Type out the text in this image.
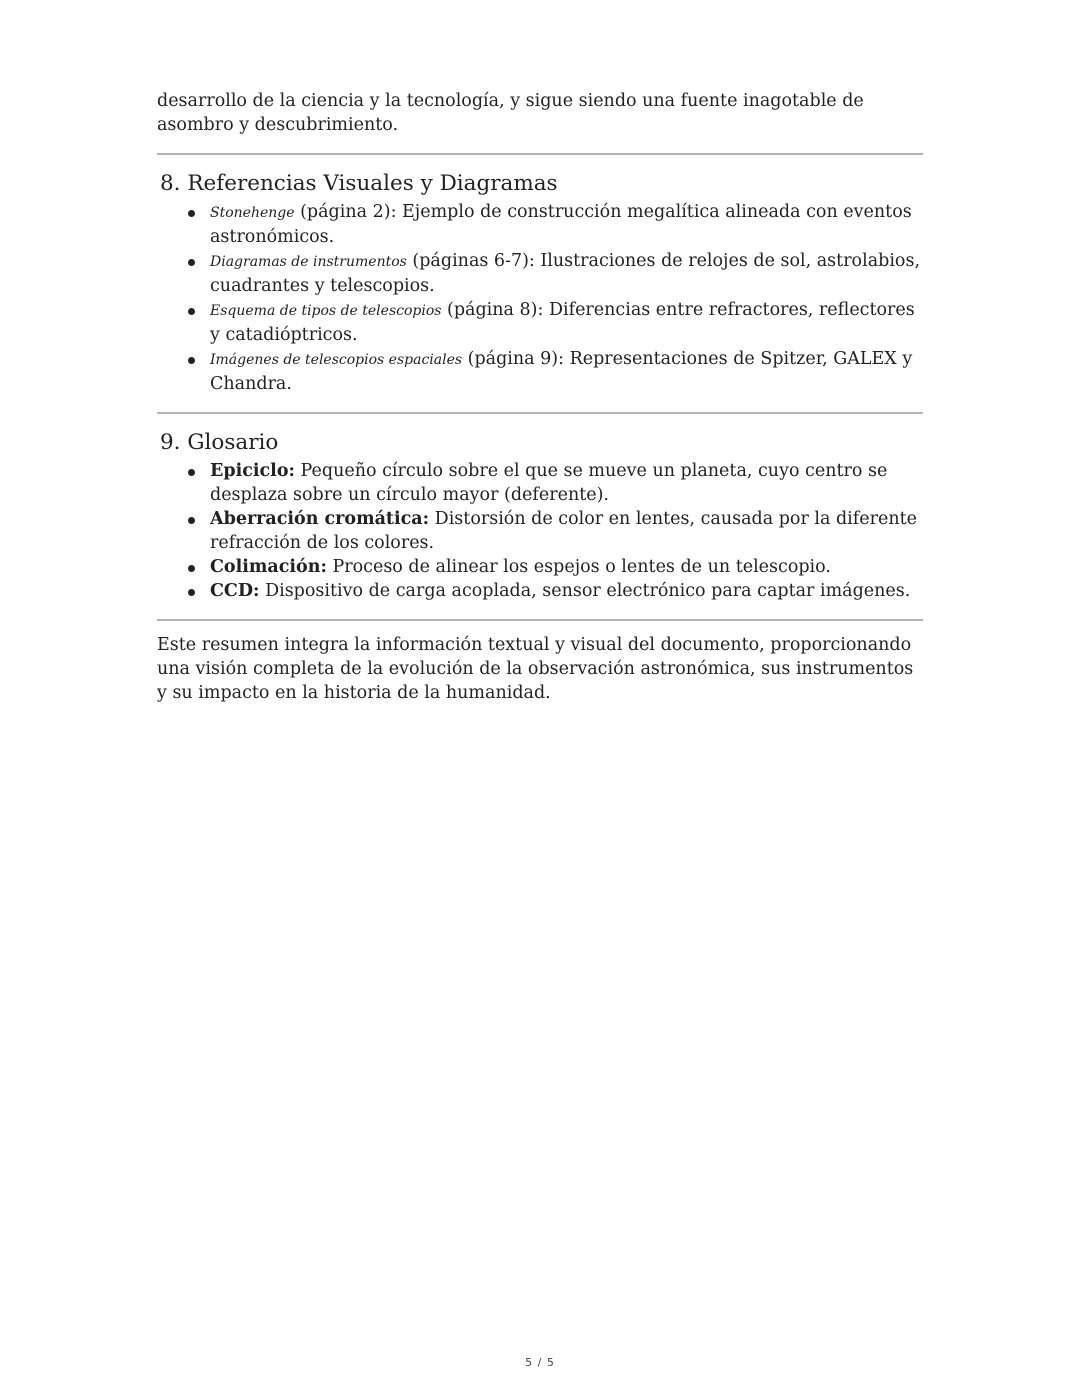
desarrollo de la ciencia y la tecnología, y sigue siendo una fuente inagotable de asombro y descubrimiento.

8. Referencias Visuales y Diagramas
Stonehenge (página 2): Ejemplo de construcción megalítica alineada con eventos astronómicos.
Diagramas de instrumentos (páginas 6-7): Ilustraciones de relojes de sol, astrolabios, cuadrantes y telescopios.
Esquema de tipos de telescopios (página 8): Diferencias entre refractores, reflectores y catadióptricos.
Imágenes de telescopios espaciales (página 9): Representaciones de Spitzer, GALEX y Chandra.
9. Glosario
Epiciclo: Pequeño círculo sobre el que se mueve un planeta, cuyo centro se desplaza sobre un círculo mayor (deferente).
Aberración cromática: Distorsión de color en lentes, causada por la diferente refracción de los colores.
Colimación: Proceso de alinear los espejos o lentes de un telescopio.
CCD: Dispositivo de carga acoplada, sensor electrónico para captar imágenes.

Este resumen integra la información textual y visual del documento, proporcionando una visión completa de la evolución de la observación astronómica, sus instrumentos y su impacto en la historia de la humanidad.

5 / 5
